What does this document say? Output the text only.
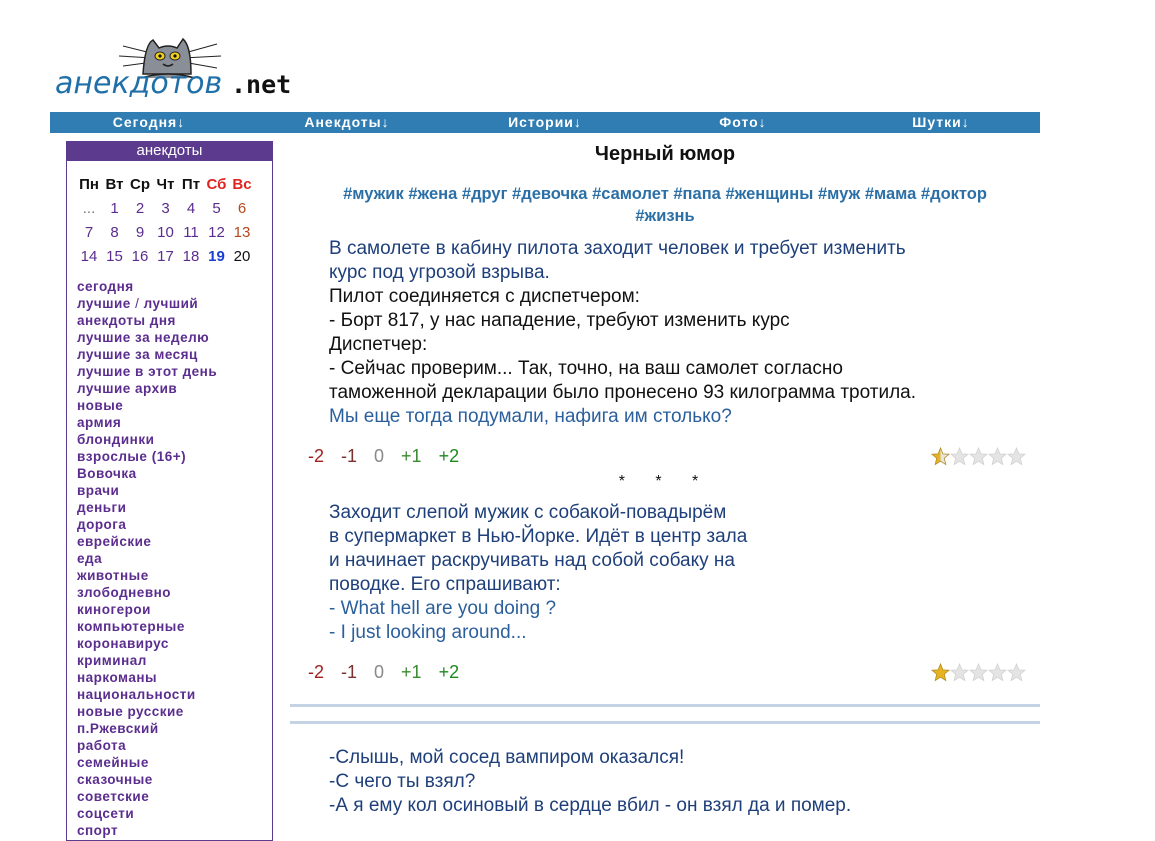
анекдотов .net
Сегодня↓	Анекдоты↓	Истории↓	Фото↓	Шутки↓
анекдоты
Пн Вт Ср Чт Пт Сб Вс
...	1	2	3	4	5	6
7	8	9 10 11 12 13
14 15 16 17 18 19 20
сегодня
лучшие / лучший
анекдоты дня
лучшие за неделю
лучшие за месяц
лучшие в этот день
лучшие архив
новые
армия
блондинки
взрослые (16+)
Вовочка
врачи
деньги
дорога
еврейские
еда
животные
злободневно
киногерои
компьютерные
коронавирус
криминал
наркоманы
национальности
новые русские
п.Ржевский
работа
семейные
сказочные
советские
соцсети
спорт
Черный юмор
#мужик #жена #друг #девочка #самолет #папа #женщины #муж #мама #доктор
#жизнь
В самолете в кабину пилота заходит человек и требует изменить
курс под угрозой взрыва.
Пилот соединяется с диспетчером:
- Борт 817, у нас нападение, требуют изменить курс
Диспетчер:
- Сейчас проверим... Так, точно, на ваш самолет согласно
таможенной декларации было пронесено 93 килограмма тротила.
Мы еще тогда подумали, нафига им столько?
-2 -1 0 +1 +2
* * *
Заходит слепой мужик с собакой-повадырём
в супермаркет в Нью-Йорке. Идёт в центр зала
и начинает раскручивать над собой собаку на
поводке. Его спрашивают:
- What hell are you doing ?
- I just looking around...
-2 -1 0 +1 +2
-Слышь, мой сосед вампиром оказался!
-С чего ты взял?
-А я ему кол осиновый в сердце вбил - он взял да и помер.
